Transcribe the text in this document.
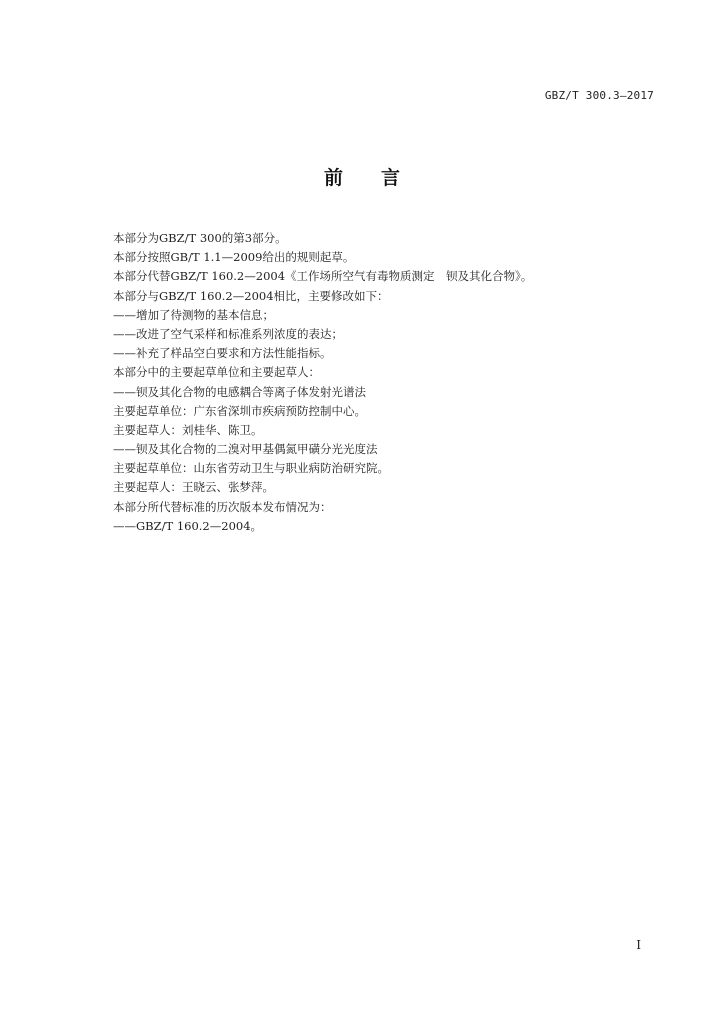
GBZ/T 300.3—2017
前　　言
本部分为GBZ/T 300的第3部分。
本部分按照GB/T 1.1—2009给出的规则起草。
本部分代替GBZ/T 160.2—2004《工作场所空气有毒物质测定　钡及其化合物》。
本部分与GBZ/T 160.2—2004相比，主要修改如下：
——增加了待测物的基本信息；
——改进了空气采样和标准系列浓度的表达；
——补充了样品空白要求和方法性能指标。
本部分中的主要起草单位和主要起草人：
——钡及其化合物的电感耦合等离子体发射光谱法
主要起草单位：广东省深圳市疾病预防控制中心。
主要起草人：刘桂华、陈卫。
——钡及其化合物的二溴对甲基偶氮甲磺分光光度法
主要起草单位：山东省劳动卫生与职业病防治研究院。
主要起草人：王晓云、张梦萍。
本部分所代替标准的历次版本发布情况为：
——GBZ/T 160.2—2004。
I
